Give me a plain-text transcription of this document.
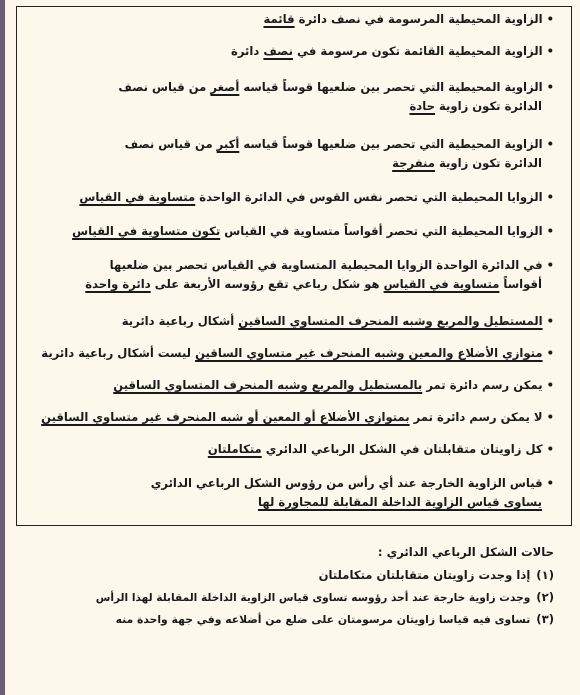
•الزاوية المحيطية المرسومة في نصف دائرة قائمة
•الزاوية المحيطية القائمة تكون مرسومة في نصف دائرة
•الزاوية المحيطية التي تحصر بين ضلعيها قوساً قياسه أصغر من قياس نصف
الدائرة تكون زاوية حادة
•الزاوية المحيطية التي تحصر بين ضلعيها قوساً قياسه أكبر من قياس نصف
الدائرة تكون زاوية منفرجة
•الزوايا المحيطية التي تحصر نفس القوس في الدائرة الواحدة متساوية في القياس
•الزوايا المحيطية التي تحصر أقواساً متساوية في القياس تكون متساوية في القياس
•في الدائرة الواحدة الزوايا المحيطية المتساوية في القياس تحصر بين ضلعيها
أقواساً متساوية في القياس هو شكل رباعي تقع رؤوسه الأربعة على دائرة واحدة
•المستطيل والمربع وشبه المنحرف المتساوي الساقين أشكال رباعية دائرية
•متوازي الأضلاع والمعين وشبه المنحرف غير متساوي الساقين ليست أشكال رباعية دائرية
•يمكن رسم دائرة تمر بالمستطيل والمربع وشبه المنحرف المتساوي الساقين
•لا يمكن رسم دائرة تمر بمتوازي الأضلاع أو المعين أو شبه المنحرف غير متساوي الساقين
•كل زاويتان متقابلتان في الشكل الرباعي الدائري متكاملتان
•قياس الزاوية الخارجة عند أي رأس من رؤوس الشكل الرباعي الدائري
يساوى قياس الزاوية الداخلة المقابلة للمجاورة لها
حالات الشكل الرباعي الدائري :
(١)إذا وجدت زاويتان متقابلتان متكاملتان
(٢)وجدت زاوية خارجة عند أحد رؤوسه تساوى قياس الزاوية الداخلة المقابلة لهذا الرأس
(٣)تساوى فيه قياسا زاويتان مرسومتان على ضلع من أضلاعه وفي جهة واحدة منه
